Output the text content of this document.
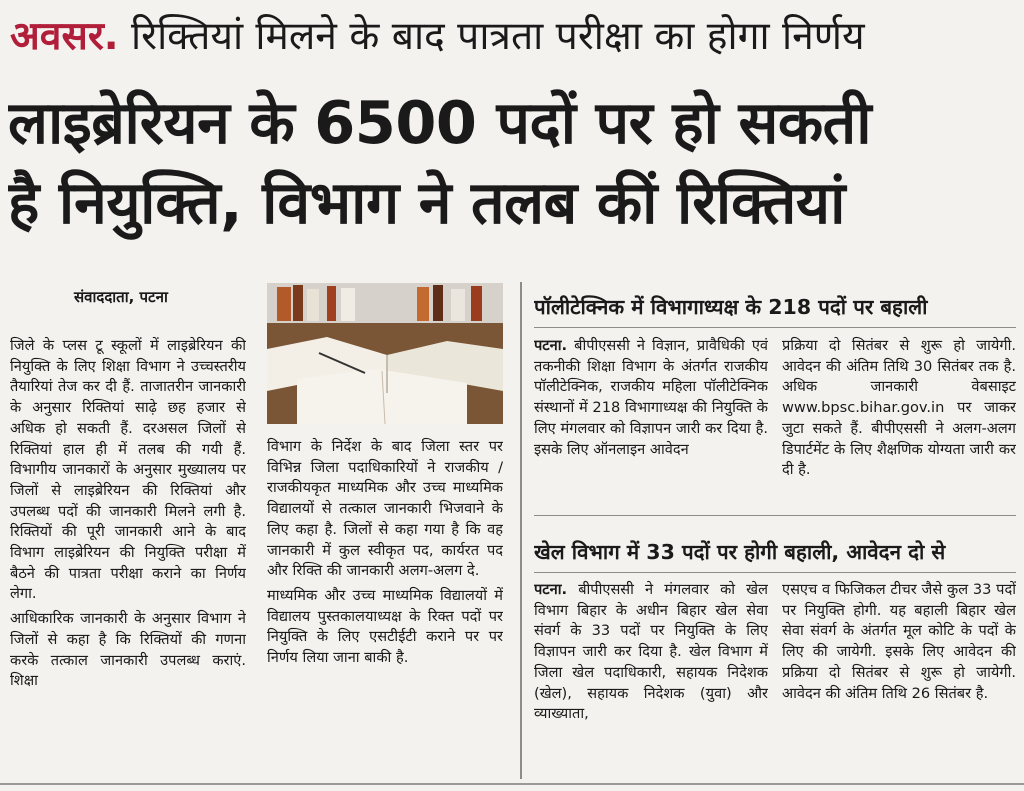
अवसर. रिक्तियां मिलने के बाद पात्रता परीक्षा का होगा निर्णय
लाइब्रेरियन के 6500 पदों पर हो सकती
है नियुक्ति, विभाग ने तलब कीं रिक्तियां
संवाददाता, पटना

जिले के प्लस टू स्कूलों में लाइब्रेरियन की नियुक्ति के लिए शिक्षा विभाग ने उच्चस्तरीय तैयारियां तेज कर दी हैं. ताजातरीन जानकारी के अनुसार रिक्तियां साढ़े छह हजार से अधिक हो सकती हैं. दरअसल जिलों से रिक्तियां हाल ही में तलब की गयी हैं. विभागीय जानकारों के अनुसार मुख्यालय पर जिलों से लाइब्रेरियन की रिक्तियां और उपलब्ध पदों की जानकारी मिलने लगी है. रिक्तियों की पूरी जानकारी आने के बाद विभाग लाइब्रेरियन की नियुक्ति परीक्षा में बैठने की पात्रता परीक्षा कराने का निर्णय लेगा.

आधिकारिक जानकारी के अनुसार विभाग ने जिलों से कहा है कि रिक्तियों की गणना करके तत्काल जानकारी उपलब्ध कराएं. शिक्षा

विभाग के निर्देश के बाद जिला स्तर पर विभिन्न जिला पदाधिकारियों ने राजकीय / राजकीयकृत माध्यमिक और उच्च माध्यमिक विद्यालयों से तत्काल जानकारी भिजवाने के लिए कहा है. जिलों से कहा गया है कि वह जानकारी में कुल स्वीकृत पद, कार्यरत पद और रिक्ति की जानकारी अलग-अलग दे.

माध्यमिक और उच्च माध्यमिक विद्यालयों में विद्यालय पुस्तकालयाध्यक्ष के रिक्त पदों पर नियुक्ति के लिए एसटीईटी कराने पर पर निर्णय लिया जाना बाकी है.

पॉलीटेक्निक में विभागाध्यक्ष के 218 पदों पर बहाली

पटना. बीपीएससी ने विज्ञान, प्रावैधिकी एवं तकनीकी शिक्षा विभाग के अंतर्गत राजकीय पॉलीटेक्निक, राजकीय महिला पॉलीटेक्निक संस्थानों में 218 विभागाध्यक्ष की नियुक्ति के लिए मंगलवार को विज्ञापन जारी कर दिया है. इसके लिए ऑनलाइन आवेदन

प्रक्रिया दो सितंबर से शुरू हो जायेगी. आवेदन की अंतिम तिथि 30 सितंबर तक है. अधिक जानकारी वेबसाइट www.bpsc.bihar.gov.in पर जाकर जुटा सकते हैं. बीपीएससी ने अलग-अलग डिपार्टमेंट के लिए शैक्षणिक योग्यता जारी कर दी है.

खेल विभाग में 33 पदों पर होगी बहाली, आवेदन दो से

पटना. बीपीएससी ने मंगलवार को खेल विभाग बिहार के अधीन बिहार खेल सेवा संवर्ग के 33 पदों पर नियुक्ति के लिए विज्ञापन जारी कर दिया है. खेल विभाग में जिला खेल पदाधिकारी, सहायक निदेशक (खेल), सहायक निदेशक (युवा) और व्याख्याता,

एसएच व फिजिकल टीचर जैसे कुल 33 पदों पर नियुक्ति होगी. यह बहाली बिहार खेल सेवा संवर्ग के अंतर्गत मूल कोटि के पदों के लिए की जायेगी. इसके लिए आवेदन की प्रक्रिया दो सितंबर से शुरू हो जायेगी. आवेदन की अंतिम तिथि 26 सितंबर है.
